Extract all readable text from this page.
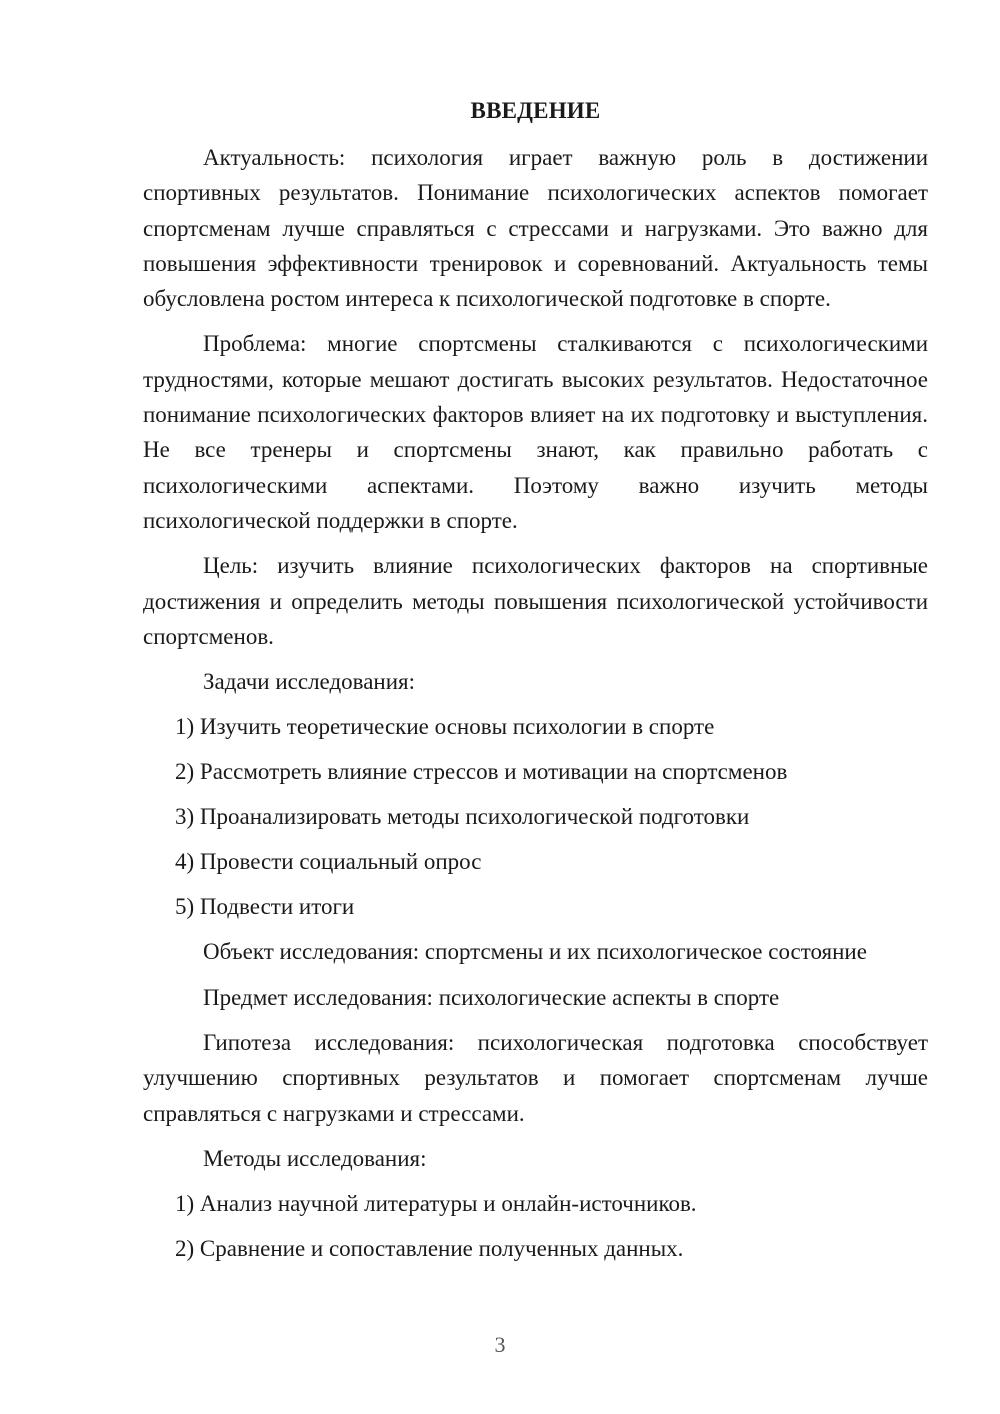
ВВЕДЕНИЕ

Актуальность: психология играет важную роль в достижении спортивных результатов. Понимание психологических аспектов помогает спортсменам лучше справляться с стрессами и нагрузками. Это важно для повышения эффективности тренировок и соревнований. Актуальность темы обусловлена ростом интереса к психологической подготовке в спорте.

Проблема: многие спортсмены сталкиваются с психологическими трудностями, которые мешают достигать высоких результатов. Недостаточное понимание психологических факторов влияет на их подготовку и выступления. Не все тренеры и спортсмены знают, как правильно работать с психологическими аспектами. Поэтому важно изучить методы психологической поддержки в спорте.

Цель: изучить влияние психологических факторов на спортивные достижения и определить методы повышения психологической устойчивости спортсменов.

Задачи исследования:

1) Изучить теоретические основы психологии в спорте
2) Рассмотреть влияние стрессов и мотивации на спортсменов
3) Проанализировать методы психологической подготовки
4) Провести социальный опрос
5) Подвести итоги

Объект исследования: спортсмены и их психологическое состояние

Предмет исследования: психологические аспекты в спорте

Гипотеза исследования: психологическая подготовка способствует улучшению спортивных результатов и помогает спортсменам лучше справляться с нагрузками и стрессами.

Методы исследования:

1) Анализ научной литературы и онлайн-источников.
2) Сравнение и сопоставление полученных данных.
3
